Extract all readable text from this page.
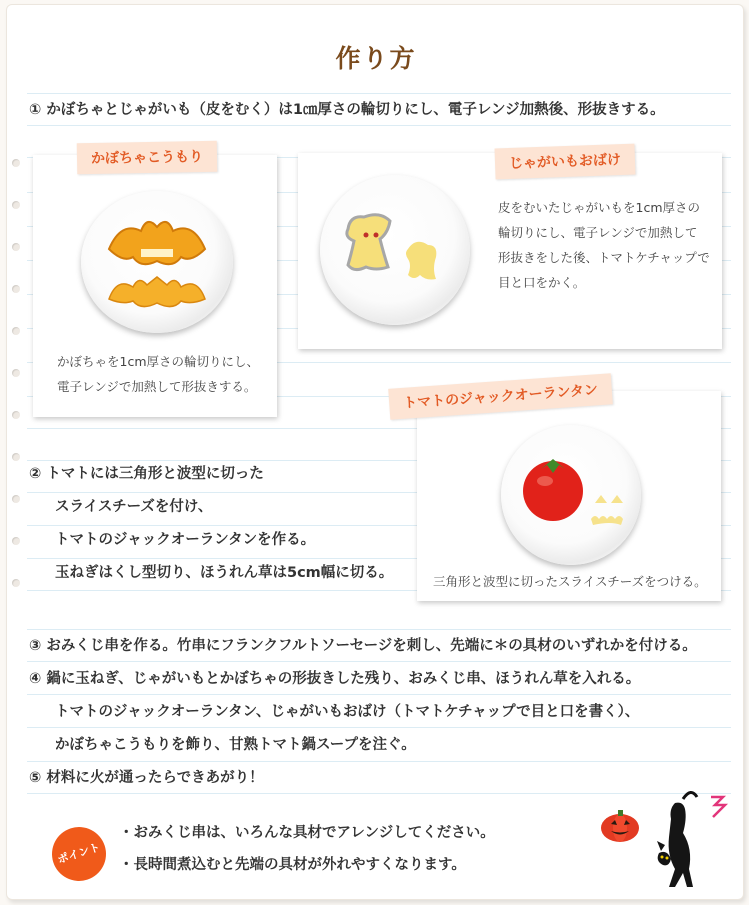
作り方
① かぼちゃとじゃがいも（皮をむく）は1㎝厚さの輪切りにし、電子レンジ加熱後、形抜きする。
かぼちゃを1cm厚さの輪切りにし、
電子レンジで加熱して形抜きする。
かぼちゃこうもり
皮をむいたじゃがいもを1cm厚さの
輪切りにし、電子レンジで加熱して
形抜きをした後、トマトケチャップで
目と口をかく。
じゃがいもおばけ
三角形と波型に切ったスライスチーズをつける。
トマトのジャックオーランタン
② トマトには三角形と波型に切った
スライスチーズを付け、
トマトのジャックオーランタンを作る。
玉ねぎはくし型切り、ほうれん草は5cm幅に切る。
③ おみくじ串を作る。竹串にフランクフルトソーセージを刺し、先端に＊の具材のいずれかを付ける。
④ 鍋に玉ねぎ、じゃがいもとかぼちゃの形抜きした残り、おみくじ串、ほうれん草を入れる。
トマトのジャックオーランタン、じゃがいもおばけ（トマトケチャップで目と口を書く）、
かぼちゃこうもりを飾り、甘熟トマト鍋スープを注ぐ。
⑤ 材料に火が通ったらできあがり！
ポイント
・おみくじ串は、いろんな具材でアレンジしてください。
・長時間煮込むと先端の具材が外れやすくなります。
